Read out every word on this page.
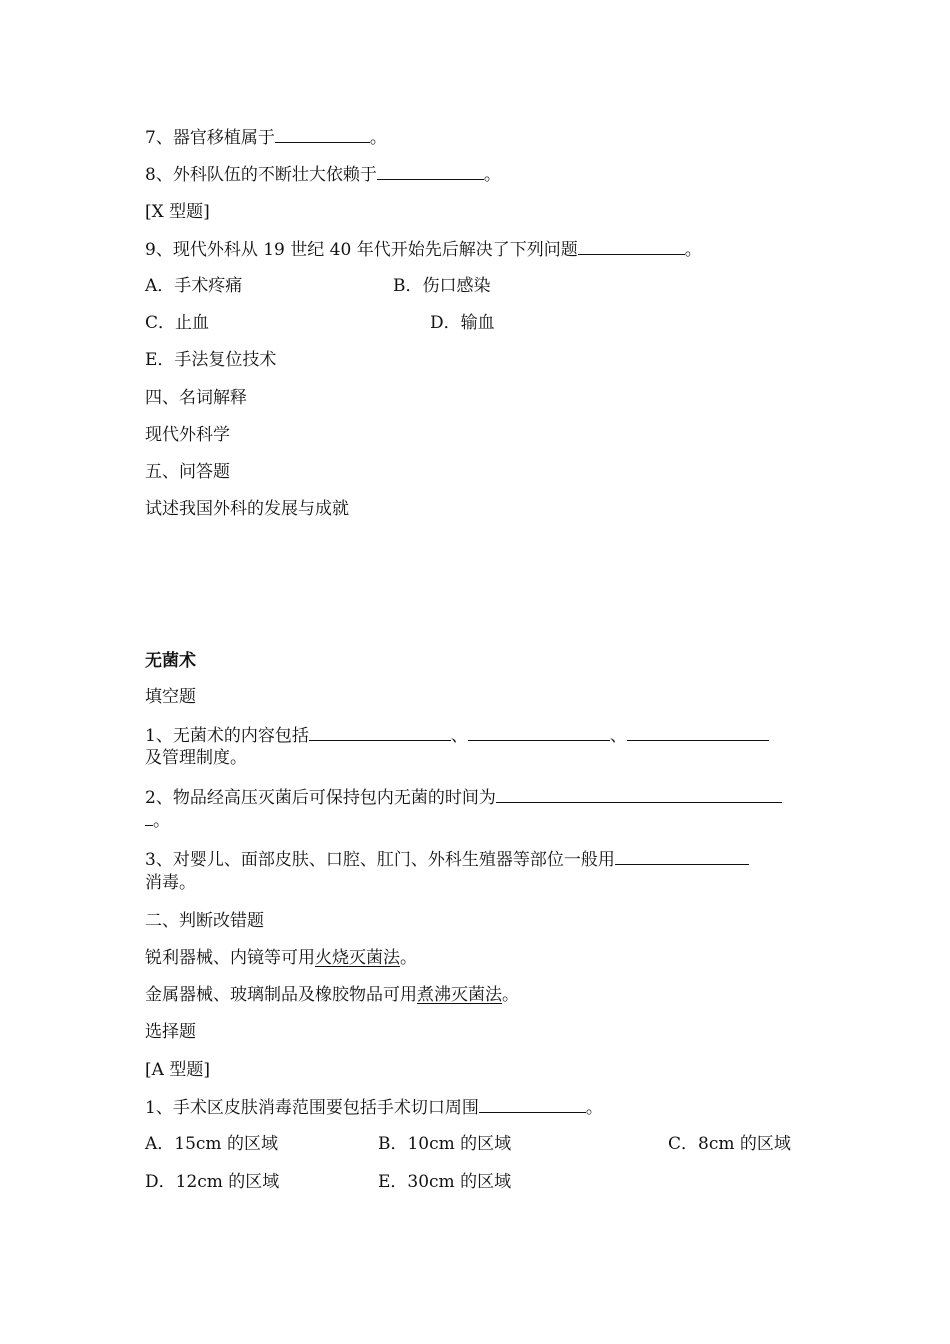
7、器官移植属于	。
8、外科队伍的不断壮大依赖于	。
[X 型题]
9、现代外科从 19 世纪 40 年代开始先后解决了下列问题	。
A．手术疼痛	B．伤口感染
C．止血	D．输血
E．手法复位技术
四、名词解释
现代外科学
五、问答题
试述我国外科的发展与成就
无菌术
填空题
1、无菌术的内容包括	、	、
及管理制度。
2、物品经高压灭菌后可保持包内无菌的时间为
。
3、对婴儿、面部皮肤、口腔、肛门、外科生殖器等部位一般用
消毒。
二、判断改错题
锐利器械、内镜等可用火烧灭菌法。
金属器械、玻璃制品及橡胶物品可用煮沸灭菌法。
选择题
[A 型题]
1、手术区皮肤消毒范围要包括手术切口周围	。
A．15cm 的区域	B．10cm 的区域	C．8cm 的区域
D．12cm 的区域	E．30cm 的区域
